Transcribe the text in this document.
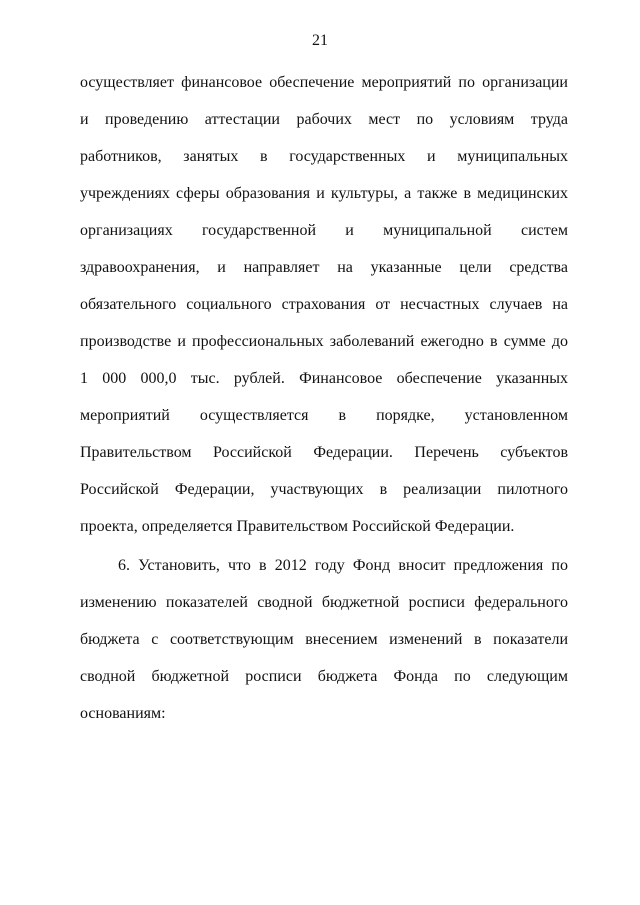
21
осуществляет финансовое обеспечение мероприятий по организации
и проведению аттестации рабочих мест по условиям труда
работников, занятых в государственных и муниципальных
учреждениях сферы образования и культуры, а также в медицинских
организациях государственной и муниципальной систем
здравоохранения, и направляет на указанные цели средства
обязательного социального страхования от несчастных случаев на
производстве и профессиональных заболеваний ежегодно в сумме до
1 000 000,0 тыс. рублей. Финансовое обеспечение указанных
мероприятий осуществляется в порядке, установленном
Правительством Российской Федерации. Перечень субъектов
Российской Федерации, участвующих в реализации пилотного
проекта, определяется Правительством Российской Федерации.
6. Установить, что в 2012 году Фонд вносит предложения по
изменению показателей сводной бюджетной росписи федерального
бюджета с соответствующим внесением изменений в показатели
сводной бюджетной росписи бюджета Фонда по следующим
основаниям:
